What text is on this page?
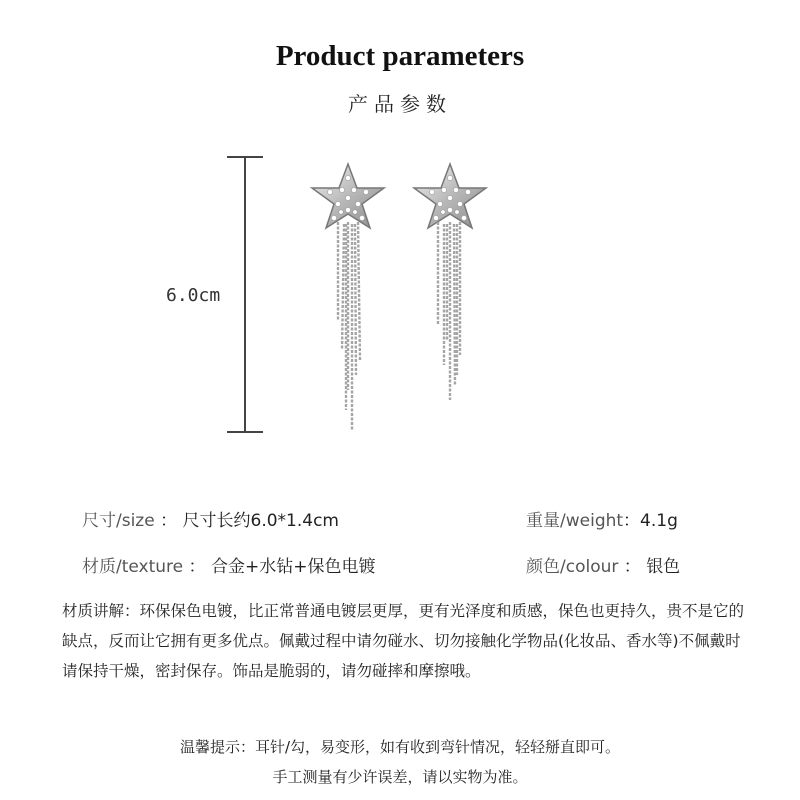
Product parameters
产品参数
6.0cm
尺寸/size ： 尺寸长约6.0*1.4cm	重量/weight：4.1g
材质/texture ： 合金+水钻+保色电镀	颜色/colour ： 银色
材质讲解：环保保色电镀，比正常普通电镀层更厚，更有光泽度和质感，保色也更持久，贵不是它的缺点，反而让它拥有更多优点。佩戴过程中请勿碰水、切勿接触化学物品(化妆品、香水等)不佩戴时请保持干燥，密封保存。饰品是脆弱的，请勿碰摔和摩擦哦。
温馨提示：耳针/勾，易变形，如有收到弯针情况，轻轻掰直即可。
手工测量有少许误差，请以实物为准。
